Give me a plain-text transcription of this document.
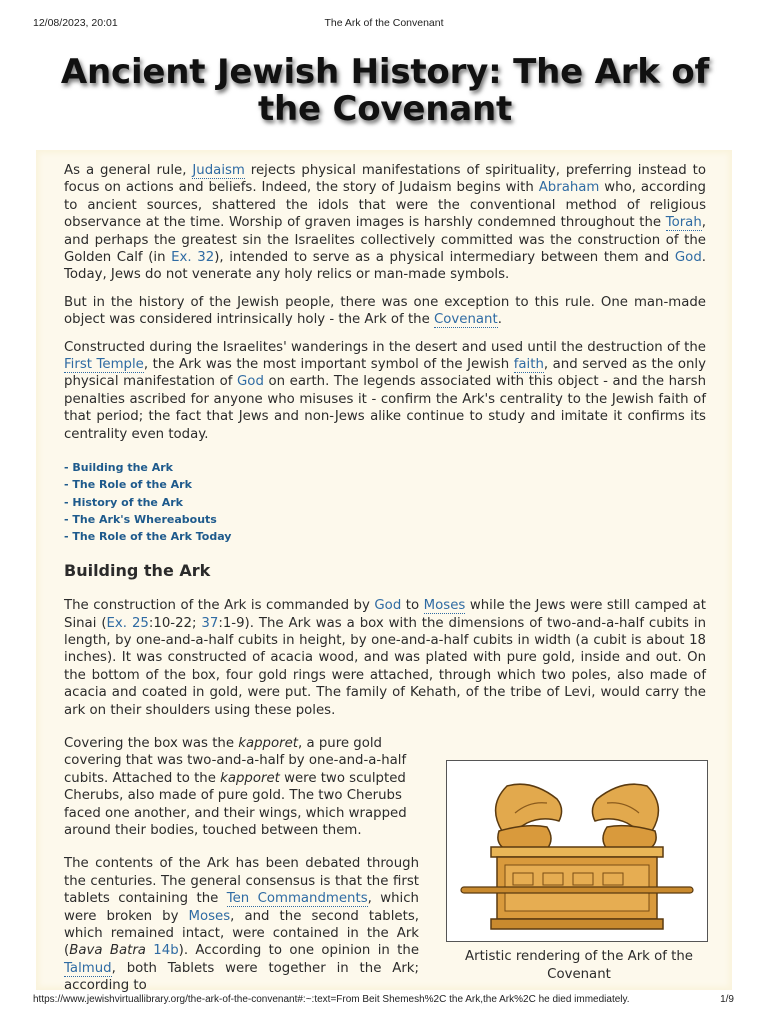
12/08/2023, 20:01	The Ark of the Convenant
Ancient Jewish History: The Ark of the Covenant

As a general rule, Judaism rejects physical manifestations of spirituality, preferring instead to focus on actions and beliefs. Indeed, the story of Judaism begins with Abraham who, according to ancient sources, shattered the idols that were the conventional method of religious observance at the time. Worship of graven images is harshly condemned throughout the Torah, and perhaps the greatest sin the Israelites collectively committed was the construction of the Golden Calf (in Ex. 32), intended to serve as a physical intermediary between them and God. Today, Jews do not venerate any holy relics or man-made symbols.

But in the history of the Jewish people, there was one exception to this rule. One man-made object was considered intrinsically holy - the Ark of the Covenant.

Constructed during the Israelites' wanderings in the desert and used until the destruction of the First Temple, the Ark was the most important symbol of the Jewish faith, and served as the only physical manifestation of God on earth. The legends associated with this object - and the harsh penalties ascribed for anyone who misuses it - confirm the Ark's centrality to the Jewish faith of that period; the fact that Jews and non-Jews alike continue to study and imitate it confirms its centrality even today.

- Building the Ark
- The Role of the Ark
- History of the Ark
- The Ark's Whereabouts
- The Role of the Ark Today
Building the Ark

The construction of the Ark is commanded by God to Moses while the Jews were still camped at Sinai (Ex. 25:10-22; 37:1-9). The Ark was a box with the dimensions of two-and-a-half cubits in length, by one-and-a-half cubits in height, by one-and-a-half cubits in width (a cubit is about 18 inches). It was constructed of acacia wood, and was plated with pure gold, inside and out. On the bottom of the box, four gold rings were attached, through which two poles, also made of acacia and coated in gold, were put. The family of Kehath, of the tribe of Levi, would carry the ark on their shoulders using these poles.

Covering the box was the kapporet, a pure gold covering that was two-and-a-half by one-and-a-half cubits. Attached to the kapporet were two sculpted Cherubs, also made of pure gold. The two Cherubs faced one another, and their wings, which wrapped around their bodies, touched between them.

The contents of the Ark has been debated through the centuries. The general consensus is that the first tablets containing the Ten Commandments, which were broken by Moses, and the second tablets, which remained intact, were contained in the Ark (Bava Batra 14b). According to one opinion in the Talmud, both Tablets were together in the Ark; according to

Artistic rendering of the Ark of the Covenant
https://www.jewishvirtuallibrary.org/the-ark-of-the-convenant#:~:text=From Beit Shemesh%2C the Ark,the Ark%2C he died immediately.	1/9
